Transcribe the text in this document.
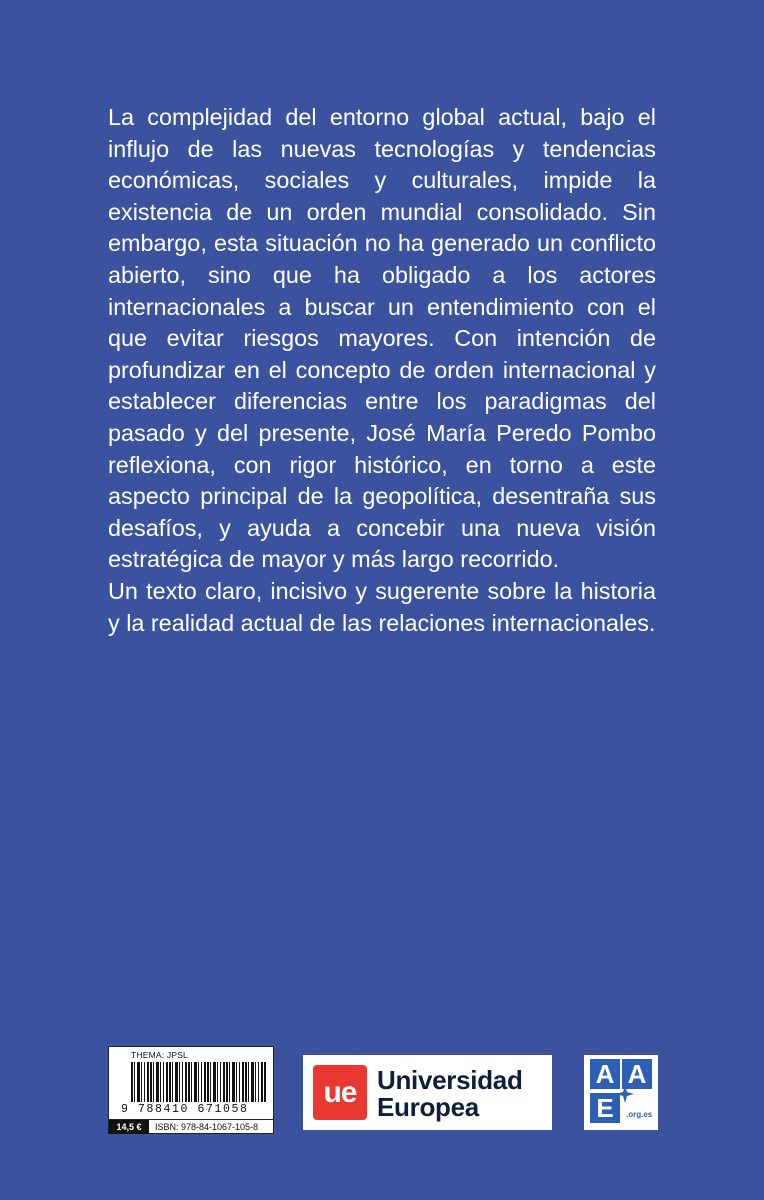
La complejidad del entorno global actual, bajo el influjo de las nuevas tecnologías y tendencias económicas, sociales y culturales, impide la existencia de un orden mundial consolidado. Sin embargo, esta situación no ha generado un conflicto abierto, sino que ha obligado a los actores internacionales a buscar un entendimiento con el que evitar riesgos mayores. Con intención de profundizar en el concepto de orden internacional y establecer diferencias entre los paradigmas del pasado y del presente, José María Peredo Pombo reflexiona, con rigor histórico, en torno a este aspecto principal de la geopolítica, desentraña sus desafíos, y ayuda a concebir una nueva visión estratégica de mayor y más largo recorrido.

Un texto claro, incisivo y sugerente sobre la historia y la realidad actual de las relaciones internacionales.

THEMA: JPSL
9 788410 671058
14,5 €	ISBN: 978-84-1067-105-8
ue Universidad
Europea
A A
E	.org.es
